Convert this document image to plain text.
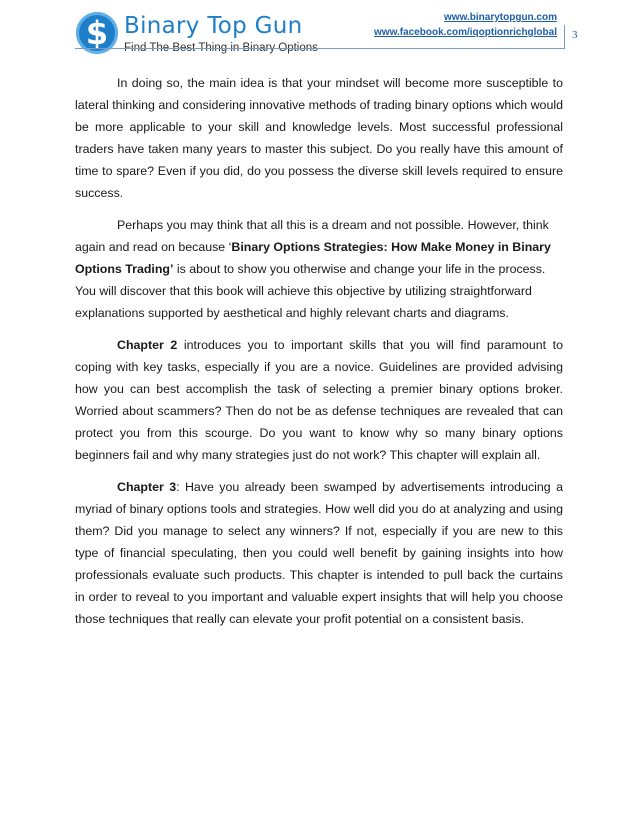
$ Binary Top Gun
Find The Best Thing in Binary Options
www.binarytopgun.com
www.facebook.com/iqoptionrichglobal 3

In doing so, the main idea is that your mindset will become more susceptible to lateral thinking and considering innovative methods of trading binary options which would be more applicable to your skill and knowledge levels. Most successful professional traders have taken many years to master this subject. Do you really have this amount of time to spare? Even if you did, do you possess the diverse skill levels required to ensure success.

Perhaps you may think that all this is a dream and not possible. However, think again and read on because ‘Binary Options Strategies: How Make Money in Binary Options Trading’ is about to show you otherwise and change your life in the process. You will discover that this book will achieve this objective by utilizing straightforward explanations supported by aesthetical and highly relevant charts and diagrams.

Chapter 2 introduces you to important skills that you will find paramount to coping with key tasks, especially if you are a novice. Guidelines are provided advising how you can best accomplish the task of selecting a premier binary options broker. Worried about scammers? Then do not be as defense techniques are revealed that can protect you from this scourge. Do you want to know why so many binary options beginners fail and why many strategies just do not work? This chapter will explain all.

Chapter 3: Have you already been swamped by advertisements introducing a myriad of binary options tools and strategies. How well did you do at analyzing and using them? Did you manage to select any winners? If not, especially if you are new to this type of financial speculating, then you could well benefit by gaining insights into how professionals evaluate such products. This chapter is intended to pull back the curtains in order to reveal to you important and valuable expert insights that will help you choose those techniques that really can elevate your profit potential on a consistent basis.
